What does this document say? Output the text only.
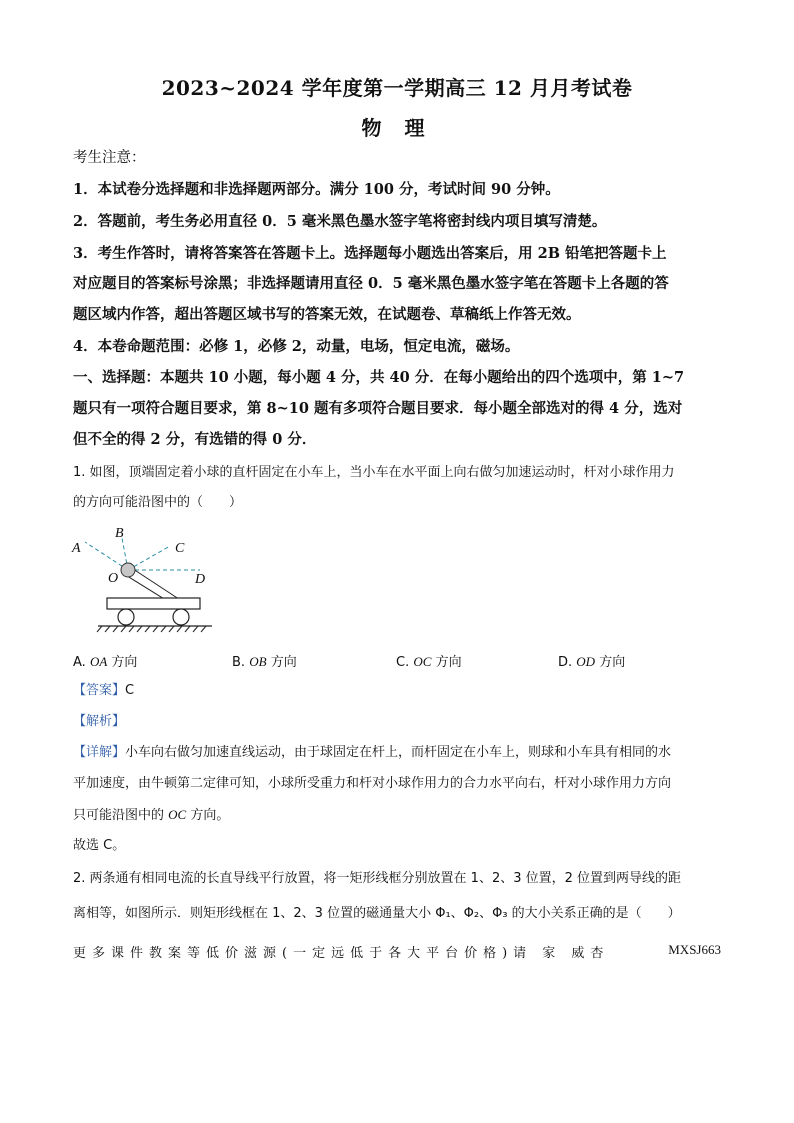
2023~2024 学年度第一学期高三 12 月月考试卷
物 理
考生注意：
1．本试卷分选择题和非选择题两部分。满分 100 分，考试时间 90 分钟。
2．答题前，考生务必用直径 0．5 毫米黑色墨水签字笔将密封线内项目填写清楚。
3．考生作答时，请将答案答在答题卡上。选择题每小题选出答案后，用 2B 铅笔把答题卡上
对应题目的答案标号涂黑；非选择题请用直径 0．5 毫米黑色墨水签字笔在答题卡上各题的答
题区域内作答，超出答题区域书写的答案无效，在试题卷、草稿纸上作答无效。
4．本卷命题范围：必修 1，必修 2，动量，电场，恒定电流，磁场。
一、选择题：本题共 10 小题，每小题 4 分，共 40 分．在每小题给出的四个选项中，第 1~7
题只有一项符合题目要求，第 8~10 题有多项符合题目要求．每小题全部选对的得 4 分，选对
但不全的得 2 分，有选错的得 0 分．
1. 如图，顶端固定着小球的直杆固定在小车上，当小车在水平面上向右做匀加速运动时，杆对小球作用力
的方向可能沿图中的（　　）
A
B
C
D
O
A. OA 方向	B. OB 方向	C. OC 方向	D. OD 方向
【答案】C
【解析】
【详解】小车向右做匀加速直线运动，由于球固定在杆上，而杆固定在小车上，则球和小车具有相同的水
平加速度，由牛顿第二定律可知，小球所受重力和杆对小球作用力的合力水平向右，杆对小球作用力方向
只可能沿图中的 OC 方向。
故选 C。
2. 两条通有相同电流的长直导线平行放置，将一矩形线框分别放置在 1、2、3 位置，2 位置到两导线的距
离相等，如图所示．则矩形线框在 1、2、3 位置的磁通量大小 Φ₁、Φ₂、Φ₃ 的大小关系正确的是（　　）
更多课件教案等低价滋源(一定远低于各大平台价格)请 家 威杏	MXSJ663
